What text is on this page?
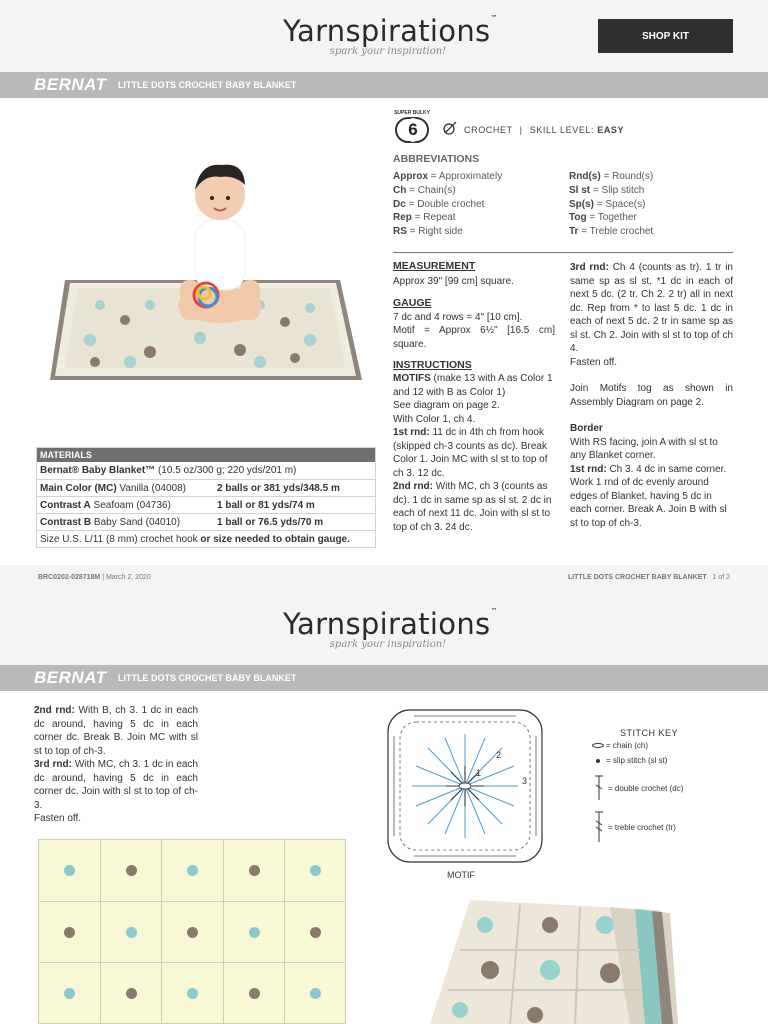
Yarnspirations™
spark your inspiration!
SHOP KIT
BERNAT LITTLE DOTS CROCHET BABY BLANKET
SUPER BULKY
6	CROCHET | SKILL LEVEL: EASY
ABBREVIATIONS
Approx = Approximately
Ch = Chain(s)
Dc = Double crochet
Rep = Repeat
RS = Right side
Rnd(s) = Round(s)
Sl st = Slip stitch
Sp(s) = Space(s)
Tog = Together
Tr = Treble crochet
MEASUREMENT
Approx 39" [99 cm] square.
GAUGE
7 dc and 4 rows = 4" [10 cm].
Motif = Approx 6½" [16.5 cm] square.
INSTRUCTIONS
MOTIFS (make 13 with A as Color 1 and 12 with B as Color 1)
See diagram on page 2.
With Color 1, ch 4.
1st rnd: 11 dc in 4th ch from hook (skipped ch-3 counts as dc). Break Color 1. Join MC with sl st to top of ch 3. 12 dc.
2nd rnd: With MC, ch 3 (counts as dc). 1 dc in same sp as sl st. 2 dc in each of next 11 dc. Join with sl st to top of ch 3. 24 dc.
3rd rnd: Ch 4 (counts as tr). 1 tr in same sp as sl st. *1 dc in each of next 5 dc. (2 tr. Ch 2. 2 tr) all in next dc. Rep from * to last 5 dc. 1 dc in each of next 5 dc. 2 tr in same sp as sl st. Ch 2. Join with sl st to top of ch 4.
Fasten off.
Join Motifs tog as shown in Assembly Diagram on page 2.
Border
With RS facing, join A with sl st to any Blanket corner.
1st rnd: Ch 3. 4 dc in same corner. Work 1 rnd of dc evenly around edges of Blanket, having 5 dc in each corner. Break A. Join B with sl st to top of ch-3.
MATERIALS
Bernat® Baby Blanket™ (10.5 oz/300 g; 220 yds/201 m)
Main Color (MC) Vanilla (04008)	2 balls or 381 yds/348.5 m
Contrast A Seafoam (04736)	1 ball or 81 yds/74 m
Contrast B Baby Sand (04010)	1 ball or 76.5 yds/70 m
Size U.S. L/11 (8 mm) crochet hook or size needed to obtain gauge.
BRC0202-028718M | March 2, 2020	LITTLE DOTS CROCHET BABY BLANKET 1 of 2
Yarnspirations™
spark your inspiration!
BERNAT LITTLE DOTS CROCHET BABY BLANKET
2nd rnd: With B, ch 3. 1 dc in each dc around, having 5 dc in each corner dc. Break B. Join MC with sl st to top of ch-3.
3rd rnd: With MC, ch 3. 1 dc in each dc around, having 5 dc in each corner dc. Join with sl st to top of ch-3.
Fasten off.
2
3
1
MOTIF
STITCH KEY
= chain (ch)
= slip stitch (sl st)
= double crochet (dc)
= treble crochet (tr)
